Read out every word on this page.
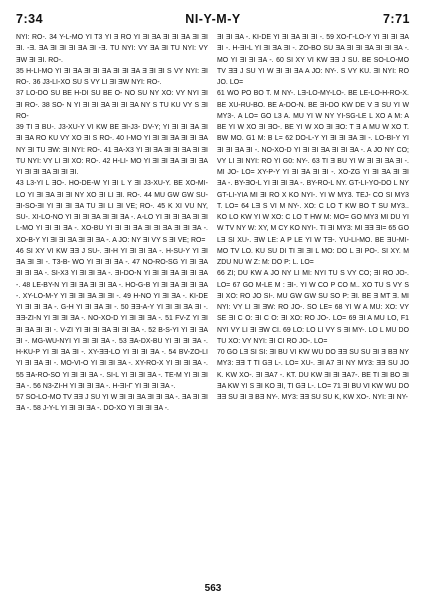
7:34	NI-Y-M-Y	7:71

NYI: RO-. 34 Y-L-MO YI T3 YI Ǝ RO YI ƎI ƎA ƎI ƎI ƎA ƎI ƎI ƎI. -Ǝ. ƎA ƎI ƎI ƎI ƎA ƎI -Ǝ. TU NYI: VY ƎA ƎI TU NYI: VY ƎW ƎI ƎI. RO-.

35 H-LI-MO YI ƎI ƎA ƎI ƎI ƎA ƎI ƎI ƎA Ǝ ƎI ƎI S VY NYI: ƎI RO-. 36 J3-LI-XO SU S VY LI ƎI ƎW NYI: RO-.

37 LO-DO SU BE H-DI SU BE O- NO SU NY XO: VY NYI ƎI ƎI RO-. 38 SO- N YI ƎI ƎI ƎA ƎI ƎI ƎA NY S TU KU VY S ƎI RO-

39 TI Ǝ BU-. J3-XU-Y VI KW BE ƎI-J3- DV-Y; YI ƎI ƎI ƎA ƎI ƎI ƎA RO KU VY XO ƎI S RO-. 40 I-MO YI ƎI ƎI ƎA ƎI ƎI ƎA NY ƎI TU ƎW: ƎI NYI: RO-. 41 ƎA-X3 YI ƎI ƎA ƎI ƎI ƎA ƎI ƎI TU NYI: VY LI ƎI XO: RO-. 42 H-LI- MO YI ƎI ƎI ƎA ƎI ƎI ƎA YI ƎI ƎI ƎA ƎI ƎI ƎI.

43 L3-YI L ƎO-. HO-DE-W YI ƎI L Y ƎI J3-XU-Y. BE XO-MI-LO YI ƎI ƎA ƎI ƎI NY XO ƎI LI ƎI. RO-. 44 MU GW GW SU- ƎI-SO-ƎI YI ƎI ƎI ƎA TU ƎI LI ƎI VE; RO-. 45 K XI VU NY, SU-. XI-LO-NO YI ƎI ƎI ƎA ƎI ƎI ƎA -. A-LO YI ƎI ƎI ƎA ƎI ƎI L-MO YI ƎI ƎI ƎA -. XO-BU YI ƎI ƎI ƎA ƎI ƎI ƎA ƎI ƎI ƎA -. XO-B-Y YI ƎI ƎI ƎA ƎI ƎI ƎA -. A JO: NY ƎI VY S ƎI VE; RO=

46 SI XY VI KW ƎƎ J SU-. ƎI-H YI ƎI ƎI ƎA -. H-SU-Y YI ƎI ƎA ƎI ƎI -. T3-B- WO YI ƎI ƎI ƎA -. 47 NO-RO-SG YI ƎI ƎA ƎI ƎI ƎA -. SI-X3 YI ƎI ƎI ƎA -. ƎI-DO-N YI ƎI ƎI ƎA ƎI ƎI ƎA -. 48 LE-BY-N YI ƎI ƎA ƎI ƎI ƎA -. HO-G-B YI ƎI ƎA ƎI ƎI ƎA -. XY-LO-M-Y YI ƎI ƎI ƎA ƎI ƎI -. 49 H-NO YI ƎI ƎA -. KI-DE YI ƎI ƎI ƎA -. G-H YI ƎI ƎA ƎI -. 50 ƎƎ-A-Y YI ƎI ƎI ƎA ƎI -. ƎƎ-ZI-N YI ƎI ƎI ƎA -. NO-XO-D YI ƎI ƎI ƎA -. 51 FV-Z YI ƎI ƎI ƎA ƎI ƎI -. V-ZI YI ƎI ƎI ƎA ƎI ƎI ƎA -. 52 B-S-YI YI ƎI ƎA ƎI -. MG-WU-NYI YI ƎI ƎI ƎA -. 53 ƎA-DX-BU YI ƎI ƎI ƎA -. H-KU-P YI ƎI ƎA ƎI -. XY-ƎƎ-LO YI ƎI ƎI ƎA -. 54 BV-ZO-LI YI ƎI ƎA ƎI -. MO-VI-O YI ƎI ƎI ƎA -. XY-RO-X YI ƎI ƎI ƎA -. 55 ƎA-RO-SO YI ƎI ƎI ƎA -. SI-L YI ƎI ƎI ƎA -. TE-M YI ƎI ƎI ƎA -. 56 N3-ZI-H YI ƎI ƎI ƎA -. H-ƎI-Γ YI ƎI ƎI ƎA -.

57 SO-LO-MO TV ƎƎ J SU YI W ƎI ƎI ƎA ƎI ƎI ƎA -. ƎA ƎI ƎI ƎA -. 58 J-Y-L YI ƎI ƎI ƎA -. DO-XO YI ƎI ƎI ƎA -.

ƎI ƎI ƎA -. KI-DE YI ƎI ƎA ƎI ƎI -. 59 XO-Γ-LO-Y YI ƎI ƎI ƎA ƎI -. H-ƎI-L YI ƎI ƎA ƎI -. ZO-BO SU ƎA ƎI ƎI ƎA ƎI ƎI ƎA -. MO YI ƎI ƎI ƎA -. 60 SI XY VI KW ƎƎ J SU. BE SO-LO-MO TV ƎƎ J SU YI W ƎI ƎI ƎA A JO: NY-. S VY KU. ƎI NYI: RO JO. LO=

61 WO PO BO T. M NY-. LƎ-LO-MY-LO-. BE LE-LO-H-RO-X. BE XU-RU-BO. BE A-DO-N. BE ƎI-DO KW DE V Ǝ SU YI W MY3-. A LO= GO L3 A. MU YI W NY YI-SG-LE L XO A M: A BE YI W XO ƎI ƎO-. BE YI W XO ƎI ƎO: T Ǝ A MU W XO T. BW MO. G1 M: B L= 62 DO-L-Y YI ƎI ƎI ƎA ƎI -. LO-BI-Y YI ƎI ƎI ƎA ƎI -. NO-XO-D YI ƎI ƎI ƎA ƎI ƎI ƎA -. A JO NY CO; VY LI ƎI NYI: RO YI G0: NY-. 63 TI Ǝ BU YI W ƎI ƎI ƎA ƎI -. MI JO- LO= XY-P-Y YI ƎI ƎA ƎI ƎI -. XO-ZG YI ƎI ƎA ƎI ƎI ƎA -. BY-ƎO-L YI ƎI ƎI ƎA -. BY-RO-L NY. GT-LI-YO-DO L NY GT-LI-YIA MI ƎI RO X KO NYI-. YI W MY3. TEJ- CO SI MY3 T. LO= 64 LƎ S VI M NY-. XO: C LO T KW BO T SU MY3.. KO LO KW YI W XO: C LO T HW M: MO= GO MY3 MI DU YI W TV NY W: XY, M CY KO NYI-. TI ƎI MY3: MI ƎƎ ƎI= 65 GO LƎ SI XU-. ƎW LE: A P LE YI W TƎ-. YU-LI-MO. BE ƎU-MI-MO TV LO. KU SU DI TI ƎI ƎI L MO: DO L ƎI PO-. SI XY. M ZDU NU W Z: M: DO P: L. LO=

66 ZI; DU KW A JO NY LI MI: NYI TU S VY CO; ƎI RO JO-. LO= 67 GO M-LE M : ƎI-. YI W CO P CO M.. XO TU S VY S ƎI XO: RO JO SI-. MU GW GW SU SO P: ƎI. BE Ǝ MT Ǝ. MI NYI: VY LI ƎI ƎW: RO JO-. SO LE= 68 YI W A MU: XO: VY SE ƎI C O: ƎI C O: ƎI XO: RO JO-. LO= 69 ƎI A MU LO, F1 NYI VY LI ƎI ƎW CI. 69 LO: LO LI VY S ƎI MY-. LO L MU DO TU XO: VY NYI: ƎI CI RO JO-. LO=

70 GO LƎ SI SI: ƎI BU VI KW WU DO ƎƎ SU SU ƎI Ǝ BƎ NY MY3: ƎƎ T TI GƎ L-. LO= XU-. ƎI A7 ƎI NY MY3: ƎƎ SU JO K. KW XO-. ƎI ƎA7 -. KT. DU KW ƎI ƎI ƎA7-. BE TI ƎI BO ƎI ƎA KW YI S ƎI KO ƎI, TI GƎ L-. LO= 71 ƎI BU VI KW WU DO ƎƎ SU ƎI Ǝ BƎ NY-. MY3: ƎƎ SU SU K, KW XO-. NYI: ƎI NY-

563
